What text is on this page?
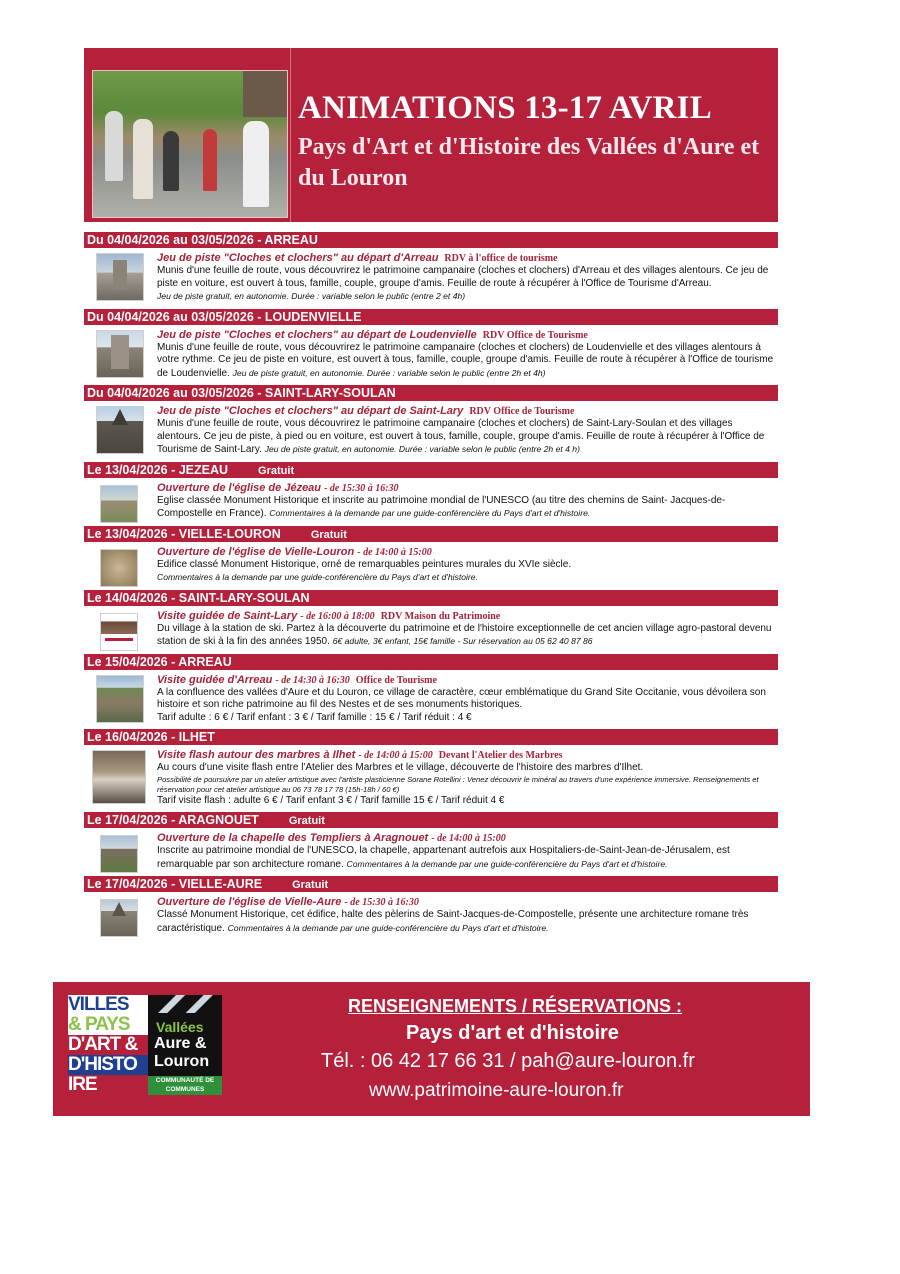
ANIMATIONS 13-17 AVRIL
Pays d'Art et d'Histoire des Vallées d'Aure et du Louron
Du 04/04/2026 au 03/05/2026 - ARREAU
Jeu de piste "Cloches et clochers" au départ d'Arreau RDV à l'office de tourisme

Munis d'une feuille de route, vous découvrirez le patrimoine campanaire (cloches et clochers) d'Arreau et des villages alentours. Ce jeu de piste en voiture, est ouvert à tous, famille, couple, groupe d'amis. Feuille de route à récupérer à l'Office de Tourisme d'Arreau.
Jeu de piste gratuit, en autonomie. Durée : variable selon le public (entre 2 et 4h)

Du 04/04/2026 au 03/05/2026 - LOUDENVIELLE
Jeu de piste "Cloches et clochers" au départ de Loudenvielle RDV Office de Tourisme

Munis d'une feuille de route, vous découvrirez le patrimoine campanaire (cloches et clochers) de Loudenvielle et des villages alentours à votre rythme. Ce jeu de piste en voiture, est ouvert à tous, famille, couple, groupe d'amis. Feuille de route à récupérer à l'Office de tourisme de Loudenvielle. Jeu de piste gratuit, en autonomie. Durée : variable selon le public (entre 2h et 4h)

Du 04/04/2026 au 03/05/2026 - SAINT-LARY-SOULAN
Jeu de piste "Cloches et clochers" au départ de Saint-Lary RDV Office de Tourisme

Munis d'une feuille de route, vous découvrirez le patrimoine campanaire (cloches et clochers) de Saint-Lary-Soulan et des villages alentours. Ce jeu de piste, à pied ou en voiture, est ouvert à tous, famille, couple, groupe d'amis. Feuille de route à récupérer à l'Office de Tourisme de Saint-Lary. Jeu de piste gratuit, en autonomie. Durée : variable selon le public (entre 2h et 4 h)

Le 13/04/2026 - JEZEAU	Gratuit
Ouverture de l'église de Jézeau - de 15:30 à 16:30

Eglise classée Monument Historique et inscrite au patrimoine mondial de l'UNESCO (au titre des chemins de Saint- Jacques-de-Compostelle en France). Commentaires à la demande par une guide-conférencière du Pays d'art et d'histoire.

Le 13/04/2026 - VIELLE-LOURON	Gratuit
Ouverture de l'église de Vielle-Louron - de 14:00 à 15:00

Edifice classé Monument Historique, orné de remarquables peintures murales du XVIe siècle.
Commentaires à la demande par une guide-conférencière du Pays d'art et d'histoire.

Le 14/04/2026 - SAINT-LARY-SOULAN
Visite guidée de Saint-Lary - de 16:00 à 18:00 RDV Maison du Patrimoine

Du village à la station de ski. Partez à la découverte du patrimoine et de l'histoire exceptionnelle de cet ancien village agro-pastoral devenu station de ski à la fin des années 1950. 6€ adulte, 3€ enfant, 15€ famille - Sur réservation au 05 62 40 87 86

Le 15/04/2026 - ARREAU
Visite guidée d'Arreau - de 14:30 à 16:30 Office de Tourisme

A la confluence des vallées d'Aure et du Louron, ce village de caractère, cœur emblématique du Grand Site Occitanie, vous dévoilera son histoire et son riche patrimoine au fil des Nestes et de ses monuments historiques.
Tarif adulte : 6 € / Tarif enfant : 3 € / Tarif famille : 15 € / Tarif réduit : 4 €

Le 16/04/2026 - ILHET
Visite flash autour des marbres à Ilhet - de 14:00 à 15:00 Devant l'Atelier des Marbres

Au cours d'une visite flash entre l'Atelier des Marbres et le village, découverte de l'histoire des marbres d'Ilhet.

Possibilité de poursuivre par un atelier artistique avec l'artiste plasticienne Sorane Rotellini : Venez découvrir le minéral au travers d'une expérience immersive. Renseignements et réservation pour cet atelier artistique au 06 73 78 17 78 (15h-18h / 60 €)

Tarif visite flash : adulte 6 € / Tarif enfant 3 € / Tarif famille 15 € / Tarif réduit 4 €

Le 17/04/2026 - ARAGNOUET	Gratuit
Ouverture de la chapelle des Templiers à Aragnouet - de 14:00 à 15:00

Inscrite au patrimoine mondial de l'UNESCO, la chapelle, appartenant autrefois aux Hospitaliers-de-Saint-Jean-de-Jérusalem, est remarquable par son architecture romane. Commentaires à la demande par une guide-conférencière du Pays d'art et d'histoire.

Le 17/04/2026 - VIELLE-AURE	Gratuit
Ouverture de l'église de Vielle-Aure - de 15:30 à 16:30

Classé Monument Historique, cet édifice, halte des pèlerins de Saint-Jacques-de-Compostelle, présente une architecture romane très caractéristique. Commentaires à la demande par une guide-conférencière du Pays d'art et d'histoire.

VILLES
& PAYS
D'ART &
D'HISTO
IRE
Vallées
Aure &
Louron
COMMUNAUTÉ DE COMMUNES
RENSEIGNEMENTS / RÉSERVATIONS :
Pays d'art et d'histoire
Tél. : 06 42 17 66 31 / pah@aure-louron.fr
www.patrimoine-aure-louron.fr
